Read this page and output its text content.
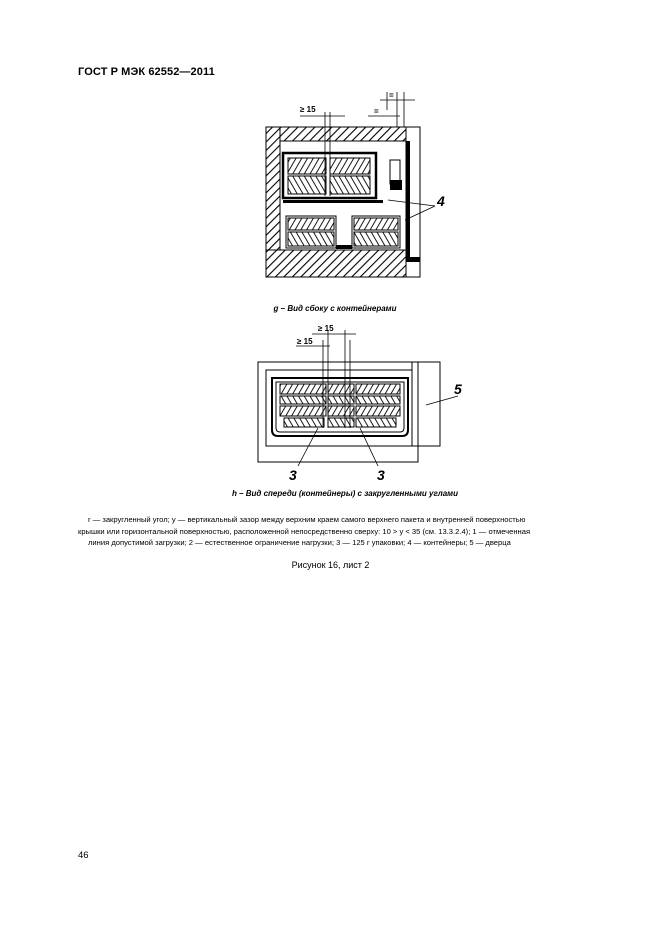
ГОСТ Р МЭК 62552—2011
≥ 15
=
=
4
≥ 15
≥ 15
5
3	3
g – Вид сбоку с контейнерами
h – Вид спереди (контейнеры) с закругленными углами
r — закругленный угол; y — вертикальный зазор между верхним краем самого верхнего пакета и внутренней поверхностью
крышки или горизонтальной поверхностью, расположенной непосредственно сверху: 10 > y < 35 (см. 13.3.2.4); 1 — отмеченная
линия допустимой загрузки; 2 — естественное ограничение нагрузки; 3 — 125 г упаковки; 4 — контейнеры; 5 — дверца
Рисунок 16, лист 2
46
